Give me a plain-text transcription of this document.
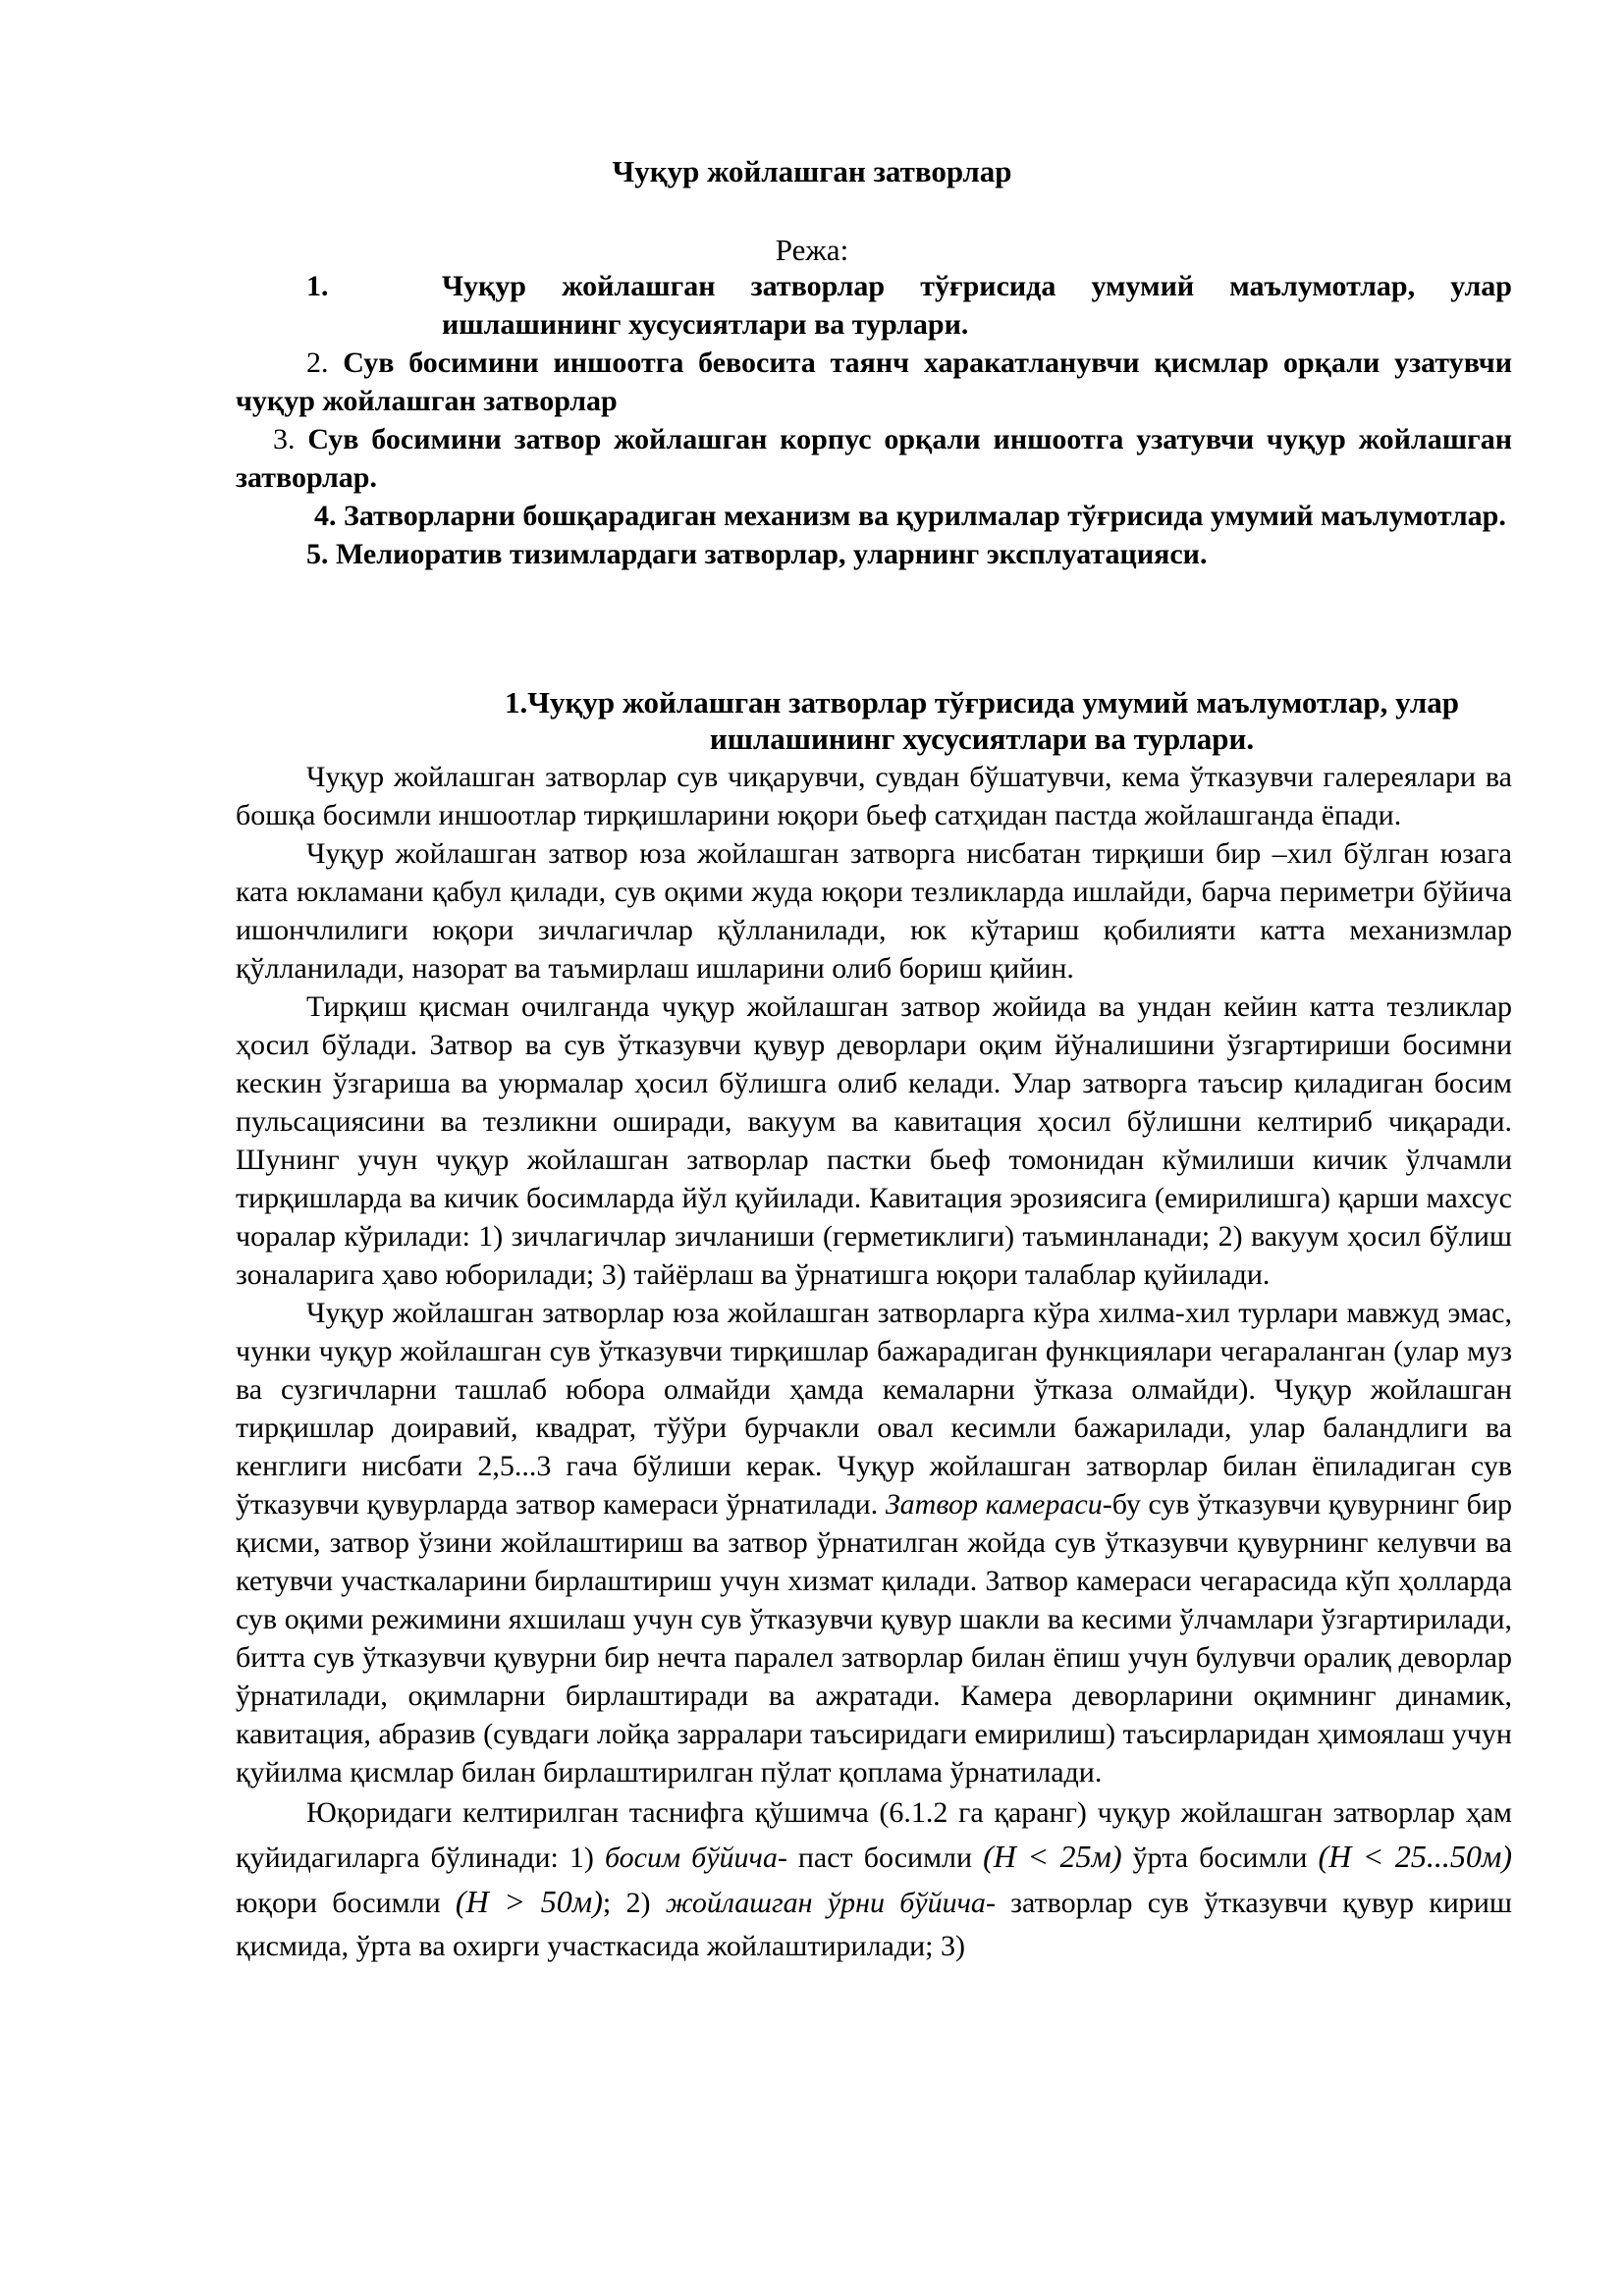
Чуқур жойлашган затворлар
Режа:
1.	Чуқур жойлашган затворлар тўғрисида умумий маълумотлар, улар ишлашининг хусусиятлари ва турлари.
2. Сув босимини иншоотга бевосита таянч харакатланувчи қисмлар орқали узатувчи чуқур жойлашган затворлар
3. Сув босимини затвор жойлашган корпус орқали иншоотга узатувчи чуқур жойлашган затворлар.
4. Затворларни бошқарадиган механизм ва қурилмалар тўғрисида умумий маълумотлар.
5. Мелиоратив тизимлардаги затворлар, уларнинг эксплуатацияси.
1.Чуқур жойлашган затворлар тўғрисида умумий маълумотлар, улар
ишлашининг хусусиятлари ва турлари.

Чуқур жойлашган затворлар сув чиқарувчи, сувдан бўшатувчи, кема ўтказувчи галереялари ва бошқа босимли иншоотлар тирқишларини юқори бьеф сатҳидан пастда жойлашганда ёпади.

Чуқур жойлашган затвор юза жойлашган затворга нисбатан тирқиши бир –хил бўлган юзага ката юкламани қабул қилади, сув оқими жуда юқори тезликларда ишлайди, барча периметри бўйича ишончлилиги юқори зичлагичлар қўлланилади, юк кўтариш қобилияти катта механизмлар қўлланилади, назорат ва таъмирлаш ишларини олиб бориш қийин.

Тирқиш қисман очилганда чуқур жойлашган затвор жойида ва ундан кейин катта тезликлар ҳосил бўлади. Затвор ва сув ўтказувчи қувур деворлари оқим йўналишини ўзгартириши босимни кескин ўзгариша ва уюрмалар ҳосил бўлишга олиб келади. Улар затворга таъсир қиладиган босим пульсациясини ва тезликни оширади, вакуум ва кавитация ҳосил бўлишни келтириб чиқаради. Шунинг учун чуқур жойлашган затворлар пастки бьеф томонидан кўмилиши кичик ўлчамли тирқишларда ва кичик босимларда йўл қуйилади. Кавитация эрозиясига (емирилишга) қарши махсус чоралар кўрилади: 1) зичлагичлар зичланиши (герметиклиги) таъминланади; 2) вакуум ҳосил бўлиш зоналарига ҳаво юборилади; 3) тайёрлаш ва ўрнатишга юқори талаблар қуйилади.

Чуқур жойлашган затворлар юза жойлашган затворларга кўра хилма-хил турлари мавжуд эмас, чунки чуқур жойлашган сув ўтказувчи тирқишлар бажарадиган функциялари чегараланган (улар муз ва сузгичларни ташлаб юбора олмайди ҳамда кемаларни ўтказа олмайди). Чуқур жойлашган тирқишлар доиравий, квадрат, тўўри бурчакли овал кесимли бажарилади, улар баландлиги ва кенглиги нисбати 2,5...3 гача бўлиши керак. Чуқур жойлашган затворлар билан ёпиладиган сув ўтказувчи қувурларда затвор камераси ўрнатилади. Затвор камераси-бу сув ўтказувчи қувурнинг бир қисми, затвор ўзини жойлаштириш ва затвор ўрнатилган жойда сув ўтказувчи қувурнинг келувчи ва кетувчи участкаларини бирлаштириш учун хизмат қилади. Затвор камераси чегарасида кўп ҳолларда сув оқими режимини яхшилаш учун сув ўтказувчи қувур шакли ва кесими ўлчамлари ўзгартирилади, битта сув ўтказувчи қувурни бир нечта паралел затворлар билан ёпиш учун булувчи оралиқ деворлар ўрнатилади, оқимларни бирлаштиради ва ажратади. Камера деворларини оқимнинг динамик, кавитация, абразив (сувдаги лойқа зарралари таъсиридаги емирилиш) таъсирларидан ҳимоялаш учун қуйилма қисмлар билан бирлаштирилган пўлат қоплама ўрнатилади.

Юқоридаги келтирилган таснифга қўшимча (6.1.2 га қаранг) чуқур жойлашган затворлар ҳам қуйидагиларга бўлинади: 1) босим бўйича- паст босимли (H < 25м) ўрта босимли (H < 25...50м) юқори босимли (H > 50м); 2) жойлашган ўрни бўйича- затворлар сув ўтказувчи қувур кириш қисмида, ўрта ва охирги участкасида жойлаштирилади; 3)
